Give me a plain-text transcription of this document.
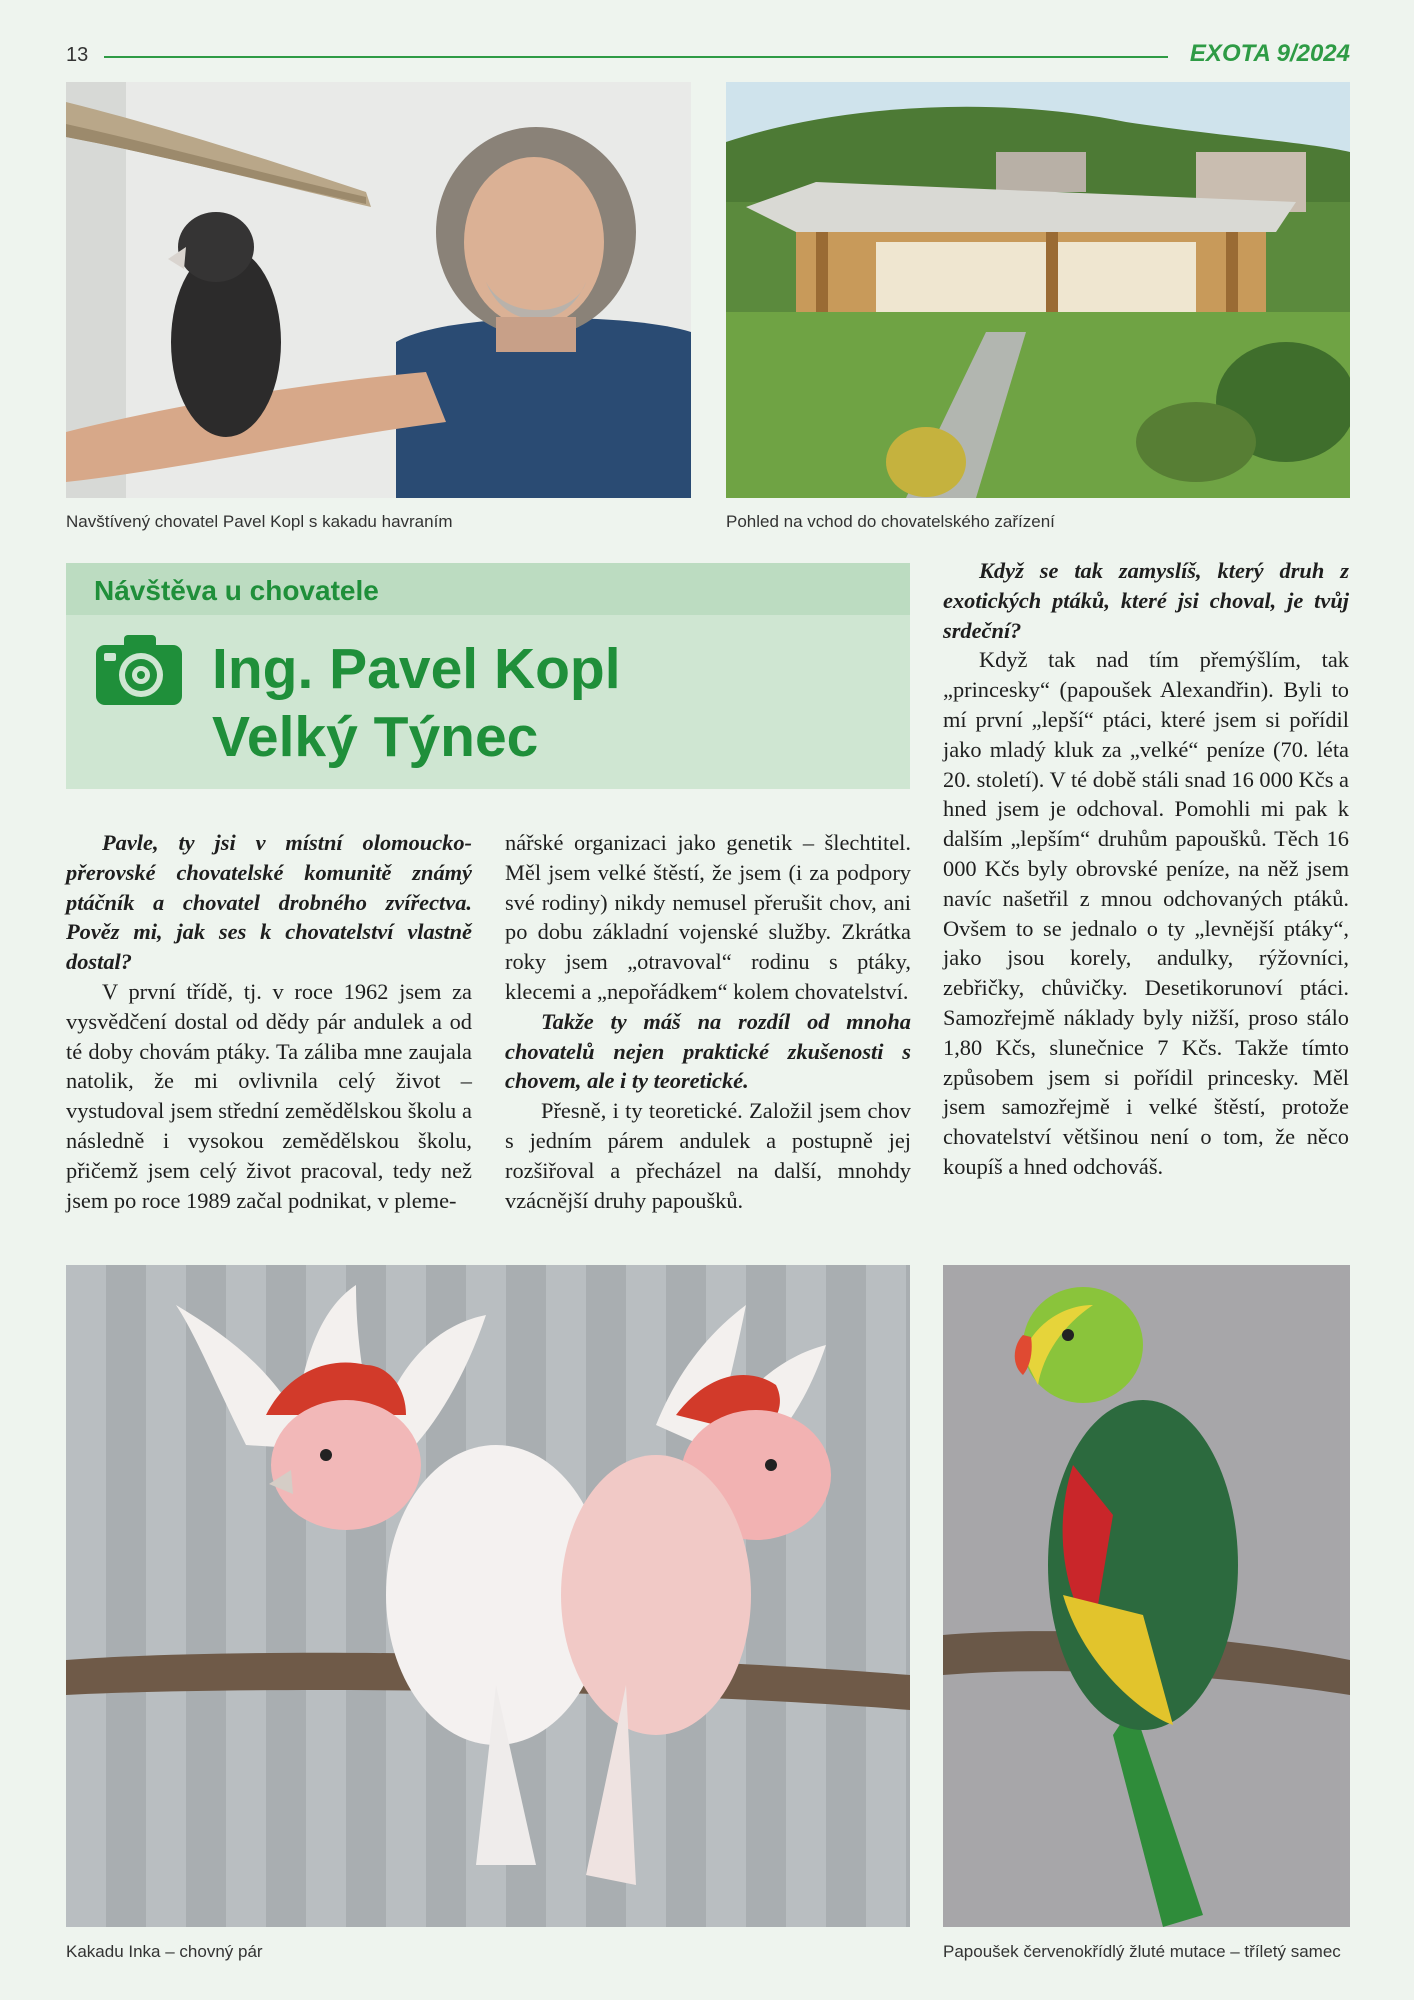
13	EXOTA 9/2024
Navštívený chovatel Pavel Kopl s kakadu havraním	Pohled na vchod do chovatelského zařízení
Návštěva u chovatele
Ing. Pavel Kopl
Velký Týnec

Pavle, ty jsi v místní olomoucko-přerovské chovatelské komunitě známý ptáčník a chovatel drobného zvířectva. Pověz mi, jak ses k chovatelství vlastně dostal?

V první třídě, tj. v roce 1962 jsem za vysvědčení dostal od dědy pár andulek a od té doby chovám ptáky. Ta záliba mne zaujala natolik, že mi ovlivnila celý život – vystudoval jsem střední zemědělskou školu a následně i vysokou zemědělskou školu, přičemž jsem celý život pracoval, tedy než jsem po roce 1989 začal podnikat, v pleme-

nářské organizaci jako genetik – šlechtitel. Měl jsem velké štěstí, že jsem (i za podpory své rodiny) nikdy nemusel přerušit chov, ani po dobu základní vojenské služby. Zkrátka roky jsem „otravoval“ rodinu s ptáky, klecemi a „nepořádkem“ kolem chovatelství.

Takže ty máš na rozdíl od mnoha chovatelů nejen praktické zkušenosti s chovem, ale i ty teoretické.

Přesně, i ty teoretické. Založil jsem chov s jedním párem andulek a postupně jej rozšiřoval a přecházel na další, mnohdy vzácnější druhy papoušků.

Když se tak zamyslíš, který druh z exotických ptáků, které jsi choval, je tvůj srdeční?

Když tak nad tím přemýšlím, tak „princesky“ (papoušek Alexandřin). Byli to mí první „lepší“ ptáci, které jsem si pořídil jako mladý kluk za „velké“ peníze (70. léta 20. století). V té době stáli snad 16 000 Kčs a hned jsem je odchoval. Pomohli mi pak k dalším „lepším“ druhům papoušků. Těch 16 000 Kčs byly obrovské peníze, na něž jsem navíc našetřil z mnou odchovaných ptáků. Ovšem to se jednalo o ty „levnější ptáky“, jako jsou korely, andulky, rýžovníci, zebřičky, chůvičky. Desetikorunoví ptáci. Samozřejmě náklady byly nižší, proso stálo 1,80 Kčs, slunečnice 7 Kčs. Takže tímto způsobem jsem si pořídil princesky. Měl jsem samozřejmě i velké štěstí, protože chovatelství většinou není o tom, že něco koupíš a hned odchováš.

Kakadu Inka – chovný pár	Papoušek červenokřídlý žluté mutace – tříletý samec
